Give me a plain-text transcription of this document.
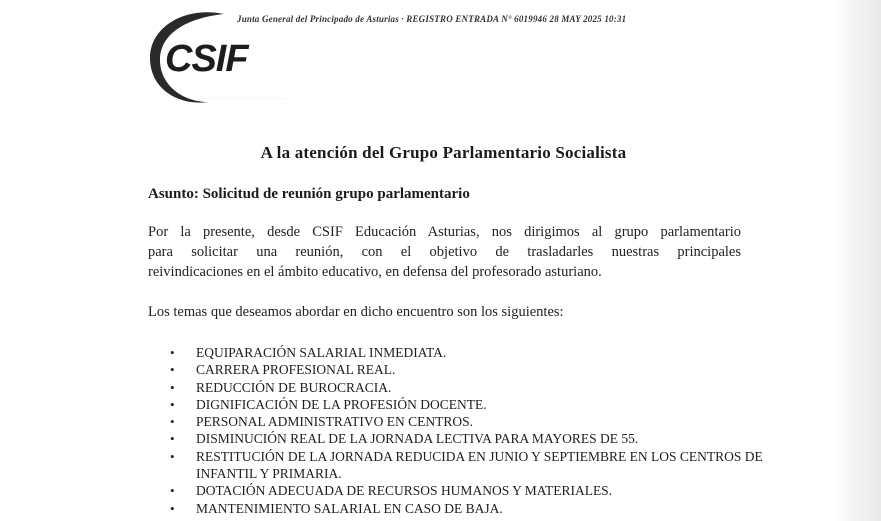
CSIF
Junta General del Principado de Asturias · REGISTRO ENTRADA N° 6019946 28 MAY 2025 10:31
A la atención del Grupo Parlamentario Socialista
Asunto: Solicitud de reunión grupo parlamentario
Por la presente, desde CSIF Educación Asturias, nos dirigimos al grupo parlamentario
para solicitar una reunión, con el objetivo de trasladarles nuestras principales
reivindicaciones en el ámbito educativo, en defensa del profesorado asturiano.
Los temas que deseamos abordar en dicho encuentro son los siguientes:
• EQUIPARACIÓN SALARIAL INMEDIATA.
• CARRERA PROFESIONAL REAL.
• REDUCCIÓN DE BUROCRACIA.
• DIGNIFICACIÓN DE LA PROFESIÓN DOCENTE.
• PERSONAL ADMINISTRATIVO EN CENTROS.
• DISMINUCIÓN REAL DE LA JORNADA LECTIVA PARA MAYORES DE 55.
• RESTITUCIÓN DE LA JORNADA REDUCIDA EN JUNIO Y SEPTIEMBRE EN LOS CENTROS DE INFANTIL Y PRIMARIA.
• DOTACIÓN ADECUADA DE RECURSOS HUMANOS Y MATERIALES.
• MANTENIMIENTO SALARIAL EN CASO DE BAJA.
